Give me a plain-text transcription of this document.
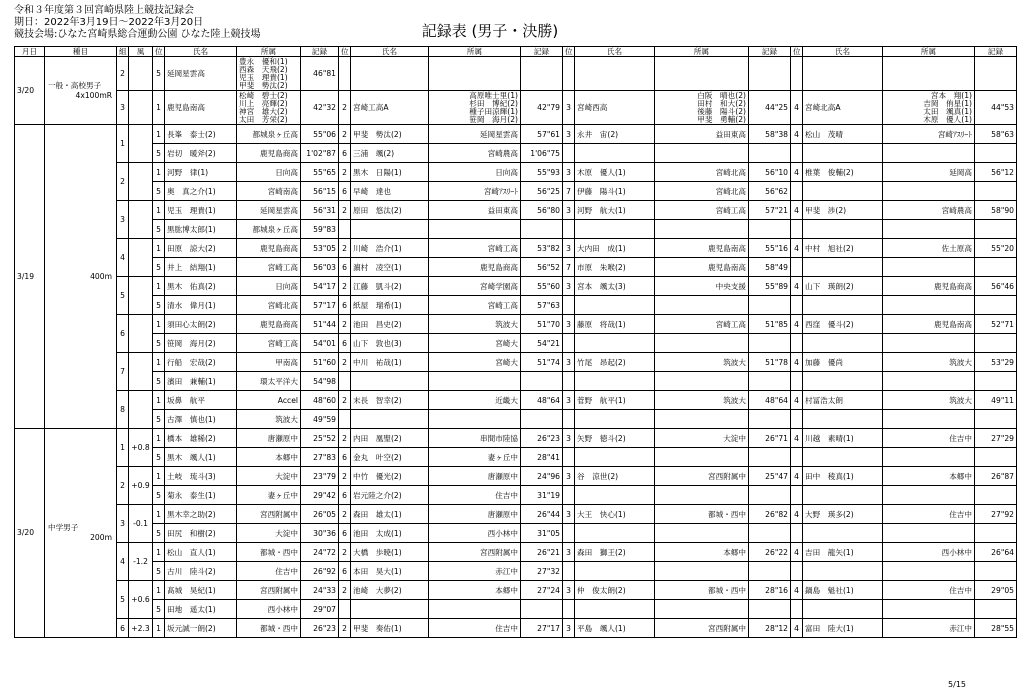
令和３年度第３回宮崎県陸上競技記録会
期日：2022年3月19日～2022年3月20日
競技会場:ひなた宮崎県総合運動公園 ひなた陸上競技場	記録表 (男子・決勝)
月日	種目	組	風	位	氏名	所属	記録	位	氏名	所属	記録	位	氏名	所属	記録	位	氏名	所属	記録
3/20	一般・高校男子
4x100mR	2		5	延岡星雲高	豊永　優和(1)
西森　天飛(2)
児玉　理貴(1)
甲斐　勢汰(2)	46"81												
		3		1	鹿児島南高	松崎　碧士(2)
川上　亮輝(2)
神宮　雄大(2)
太田　芳栄(2)	42"32	2	宮崎工高A	高原唯士里(1)
杉田　博紀(2)
種子田涼輝(1)
笹岡　海月(2)	42"79	3	宮崎西高	白阪　晴也(2)
田村　和大(2)
後藤　陽斗(2)
甲斐　勇輔(2)	44"25	4	宮崎北高A	宮本　翔(1)
吉岡　侑星(1)
太田　颯真(1)
木原　優人(1)	44"53
3/19	400m	1		1	長峯　泰士(2)	都城泉ヶ丘高	55"06	2	甲斐　勢汰(2)	延岡星雲高	57"61	3	永井　宙(2)	益田東高	58"38	4	松山　茂晴	宮崎ｱｽﾘｰﾄ	58"63
				5	岩切　暖斧(2)	鹿児島商高	1'02"87	6	三浦　颯(2)	宮崎農高	1'06"75								
		2		1	河野　律(1)	日向高	55"65	2	黒木　日陽(1)	日向高	55"93	3	木原　優人(1)	宮崎北高	56"10	4	椎葉　俊輔(2)	延岡高	56"12
				5	奥　真之介(1)	宮崎南高	56"15	6	早崎　達也	宮崎ｱｽﾘｰﾄ	56"25	7	伊藤　陽斗(1)	宮崎北高	56"62				
		3		1	児玉　理貴(1)	延岡星雲高	56"31	2	原田　悠汰(2)	益田東高	56"80	3	河野　航大(1)	宮崎工高	57"21	4	甲斐　渉(2)	宮崎農高	58"90
				5	黒肱博太郎(1)	都城泉ヶ丘高	59"83												
		4		1	田原　諒大(2)	鹿児島商高	53"05	2	川崎　浩介(1)	宮崎工高	53"82	3	大内田　成(1)	鹿児島南高	55"16	4	中村　旭社(2)	佐土原高	55"20
				5	井上　結翔(1)	宮崎工高	56"03	6	濵村　凌空(1)	鹿児島商高	56"52	7	市原　朱喉(2)	鹿児島南高	58"49				
		5		1	黒木　佑真(2)	日向高	54"17	2	江藤　凱斗(2)	宮崎学園高	55"60	3	宮本　颯太(3)	中央支援	55"89	4	山下　瑛朗(2)	鹿児島商高	56"46
				5	清水　偉月(1)	宮崎北高	57"17	6	紙屋　瑠希(1)	宮崎工高	57"63								
		6		1	須田心太朗(2)	鹿児島商高	51"44	2	池田　昌史(2)	筑波大	51"70	3	藤原　将哉(1)	宮崎工高	51"85	4	西窪　優斗(2)	鹿児島南高	52"71
				5	笹岡　海月(2)	宮崎工高	54"01	6	山下　敦也(3)	宮崎大	54"21								
		7		1	行船　宏哉(2)	甲南高	51"60	2	中川　祐哉(1)	宮崎大	51"74	3	竹尾　昂起(2)	筑波大	51"78	4	加藤　優尚	筑波大	53"29
				5	濱田　兼輔(1)	環太平洋大	54"98												
		8		1	坂鼻　航平	Accel	48"60	2	末長　智幸(2)	近畿大	48"64	3	菅野　航平(1)	筑波大	48"64	4	村冨浩太朗	筑波大	49"11
				5	古澤　慎也(1)	筑波大	49"59												
3/20	中学男子
200m	1	+0.8	1	橋本　雄稀(2)	唐瀬原中	25"52	2	内田　凰聖(2)	串間市陸協	26"23	3	矢野　徳斗(2)	大淀中	26"71	4	川越　素晴(1)	住吉中	27"29
				5	黒木　颯人(1)	本郷中	27"83	6	金丸　叶空(2)	妻ヶ丘中	28"41								
		2	+0.9	1	土岐　琉斗(3)	大淀中	23"79	2	中竹　優光(2)	唐瀬原中	24"96	3	谷　涼世(2)	宮西附属中	25"47	4	田中　稜真(1)	本郷中	26"87
				5	菊永　泰生(1)	妻ヶ丘中	29"42	6	岩元陸之介(2)	住吉中	31"19								
		3	-0.1	1	黒木幸之助(2)	宮西附属中	26"05	2	森田　雄太(1)	唐瀬原中	26"44	3	大王　快心(1)	都城・西中	26"82	4	大野　瑛多(2)	住吉中	27"92
				5	田尻　和樹(2)	大淀中	30"36	6	池田　太成(1)	西小林中	31"05								
		4	-1.2	1	松山　直人(1)	都城・西中	24"72	2	大橋　歩暁(1)	宮西附属中	26"21	3	森田　獅王(2)	本郷中	26"22	4	吉田　龍矢(1)	西小林中	26"64
				5	古川　陸斗(2)	住吉中	26"92	6	本田　昊大(1)	赤江中	27"32								
		5	+0.6	1	髙城　昊紀(1)	宮西附属中	24"33	2	池崎　大夢(2)	本郷中	27"24	3	仲　俊太朗(2)	都城・西中	28"16	4	鍋島　魁社(1)	住吉中	29"05
				5	田地　遥太(1)	西小林中	29"07												
		6	+2.3	1	坂元誠一朗(2)	都城・西中	26"23	2	甲斐　奏佑(1)	住吉中	27"17	3	平島　颯人(1)	宮西附属中	28"12	4	富田　陸大(1)	赤江中	28"55
5/15
